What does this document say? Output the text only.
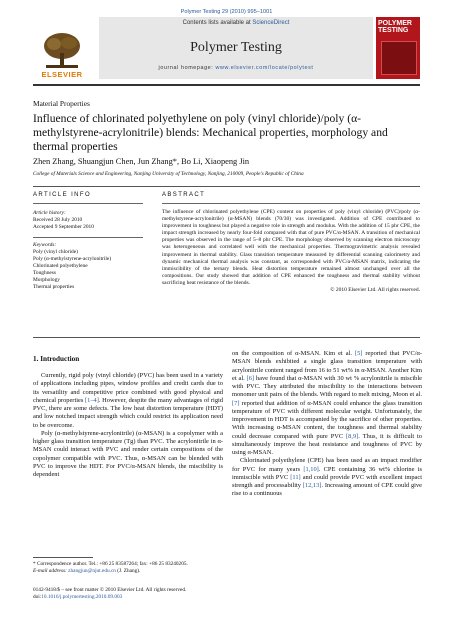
Polymer Testing 29 (2010) 995–1001
ELSEVIER
Contents lists available at ScienceDirect
Polymer Testing
journal homepage: www.elsevier.com/locate/polytest
POLYMER TESTING
Material Properties
Influence of chlorinated polyethylene on poly (vinyl chloride)/poly (α-methylstyrene-acrylonitrile) blends: Mechanical properties, morphology and thermal properties
Zhen Zhang, Shuangjun Chen, Jun Zhang*, Bo Li, Xiaopeng Jin
College of Materials Science and Engineering, Nanjing University of Technology, Nanjing, 210009, People's Republic of China
ARTICLE INFO	ABSTRACT
Article history:
Received 28 July 2010
Accepted 9 September 2010
Keywords:
Poly (vinyl chloride)
Poly (α-methylstyrene-acrylonitrile)
Chlorinated polyethylene
Toughness
Morphology
Thermal properties
The influence of chlorinated polyethylene (CPE) content on properties of poly (vinyl chloride) (PVC)/poly (α-methylstyrene-acrylonitrile) (α-MSAN) blends (70/30) was investigated. Addition of CPE contributed to improvement in toughness but played a negative role in strength and modulus. With the addition of 15 phr CPE, the impact strength increased by nearly four-fold compared with that of pure PVC/α-MSAN. A transition of mechanical properties was observed in the range of 5–8 phr CPE. The morphology observed by scanning electron microscopy was heterogeneous and correlated well with the mechanical properties. Thermogravimetric analysis revealed improvement in thermal stability. Glass transition temperature measured by differential scanning calorimetry and dynamic mechanical thermal analysis was constant, as corresponded with PVC/α-MSAN matrix, indicating the immiscibility of the ternary blends. Heat distortion temperature remained almost unchanged over all the compositions. Our study showed that addition of CPE enhanced the toughness and thermal stability without sacrificing heat resistance of the blends.
© 2010 Elsevier Ltd. All rights reserved.
1. Introduction

Currently, rigid poly (vinyl chloride) (PVC) has been used in a variety of applications including pipes, window profiles and credit cards due to its versatility and competitive price combined with good physical and chemical properties [1–4]. However, despite the many advantages of rigid PVC, there are some defects. The low heat distortion temperature (HDT) and low notched impact strength which could restrict its application need to be overcome.

Poly (α-methylstyrene-acrylonitrile) (α-MSAN) is a copolymer with a higher glass transition temperature (Tg) than PVC. The acrylonitrile in α-MSAN could interact with PVC and render certain compositions of the copolymer compatible with PVC. Thus, α-MSAN can be blended with PVC to improve the HDT. For PVC/α-MSAN blends, the miscibility is dependent

on the composition of α-MSAN. Kim et al. [5] reported that PVC/α-MSAN blends exhibited a single glass transition temperature with acrylonitrile content ranged from 16 to 51 wt% in α-MSAN. Another Kim et al. [6] have found that α-MSAN with 30 wt % acrylonitrile is miscible with PVC. They attributed the miscibility to the interactions between monomer unit pairs of the blends. With regard to melt mixing, Moon et al. [7] reported that addition of α-MSAN could enhance the glass transition temperature of PVC with different molecular weight. Unfortunately, the improvement in HDT is accompanied by the sacrifice of other properties. With increasing α-MSAN content, the toughness and thermal stability could decrease compared with pure PVC [8,9]. Thus, it is difficult to simultaneously improve the heat resistance and toughness of PVC by using α-MSAN.

Chlorinated polyethylene (CPE) has been used as an impact modifier for PVC for many years [1,10]. CPE containing 36 wt% chlorine is immiscible with PVC [11] and could provide PVC with excellent impact strength and processability [12,13]. Increasing amount of CPE could give rise to a continuous

* Correspondence author. Tel.: +86 25 83587264; fax: +86 25 83240205.
E-mail address: zhangjun@njut.edu.cn (J. Zhang).
0142-9418/$ – see front matter © 2010 Elsevier Ltd. All rights reserved.
doi:10.1016/j.polymertesting.2010.09.003
